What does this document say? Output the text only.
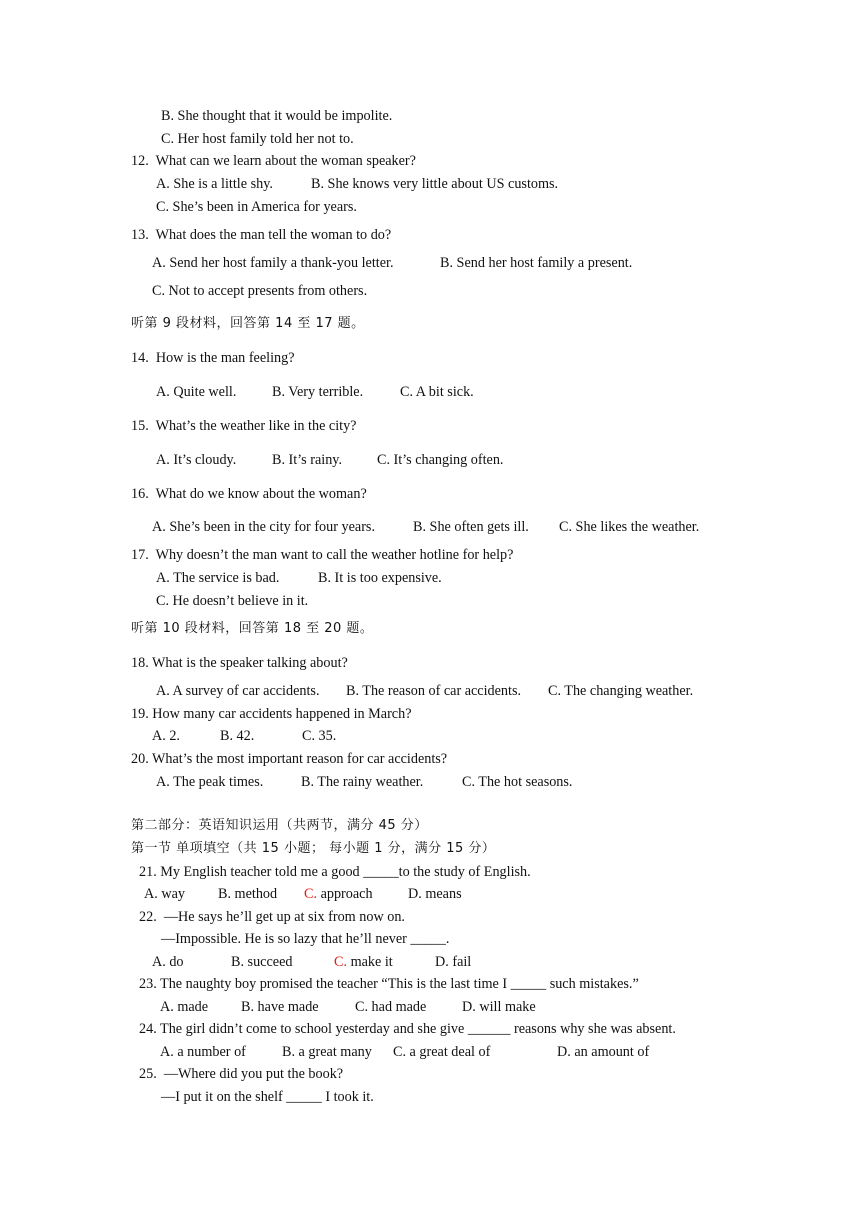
B. She thought that it would be impolite.
C. Her host family told her not to.
12.  What can we learn about the woman speaker?
A. She is a little shy.	B. She knows very little about US customs.
C. She’s been in America for years.
13.  What does the man tell the woman to do?
A. Send her host family a thank-you letter.	B. Send her host family a present.
C. Not to accept presents from others.
听第 9 段材料，回答第 14 至 17 题。
14.  How is the man feeling?
A. Quite well.	B. Very terrible.	C. A bit sick.
15.  What’s the weather like in the city?
A. It’s cloudy.	B. It’s rainy. C. It’s changing often.
16.  What do we know about the woman?
A. She’s been in the city for four years.	B. She often gets ill. C. She likes the weather.
17.  Why doesn’t the man want to call the weather hotline for help?
A. The service is bad.	B. It is too expensive.
C. He doesn’t believe in it.
听第 10 段材料，回答第 18 至 20 题。
18. What is the speaker talking about?
A. A survey of car accidents. B. The reason of car accidents. C. The changing weather.
19. How many car accidents happened in March?
A. 2.	B. 42.	C. 35.
20. What’s the most important reason for car accidents?
A. The peak times.	B. The rainy weather.	C. The hot seasons.
第二部分：英语知识运用（共两节，满分 45 分）
第一节 单项填空（共 15 小题； 每小题 1 分，满分 15 分）
21. My English teacher told me a good _____to the study of English.
A. way B. method C. approach D. means
22.  —He says he’ll get up at six from now on.
—Impossible. He is so lazy that he’ll never _____.
A. do	B. succeed	C. make it	D. fail
23. The naughty boy promised the teacher “This is the last time I _____ such mistakes.”
A. made B. have made	C. had made	D. will make
24. The girl didn’t come to school yesterday and she give ______ reasons why she was absent.
A. a number of	B. a great many C. a great deal of	D. an amount of
25.  —Where did you put the book?
—I put it on the shelf _____ I took it.
